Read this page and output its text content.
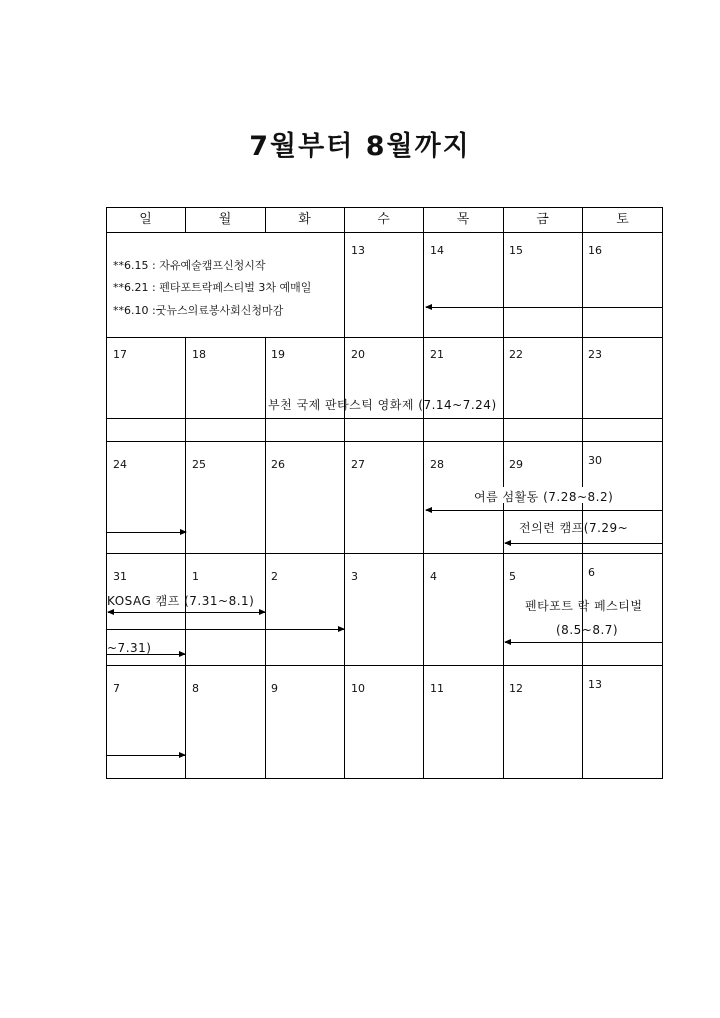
7월부터 8월까지
일	월	화	수	목	금	토
**6.15 : 자유예술캠프신청시작
**6.21 : 펜타포트락페스티벌 3차 예매일
**6.10 :굿뉴스의료봉사회신청마감
13	14	15	16
17	18	19	20	21	22	23
24	25	26	27	28	29	30
31	1	2	3	4	5	6
7	8	9	10	11	12	13
부천 국제 판타스틱 영화제 (7.14~7.24)
여름 섬활동 (7.28~8.2)
전의련 캠프(7.29~
KOSAG 캠프 (7.31~8.1)
~7.31)
펜타포트 락 페스티벌
(8.5~8.7)
